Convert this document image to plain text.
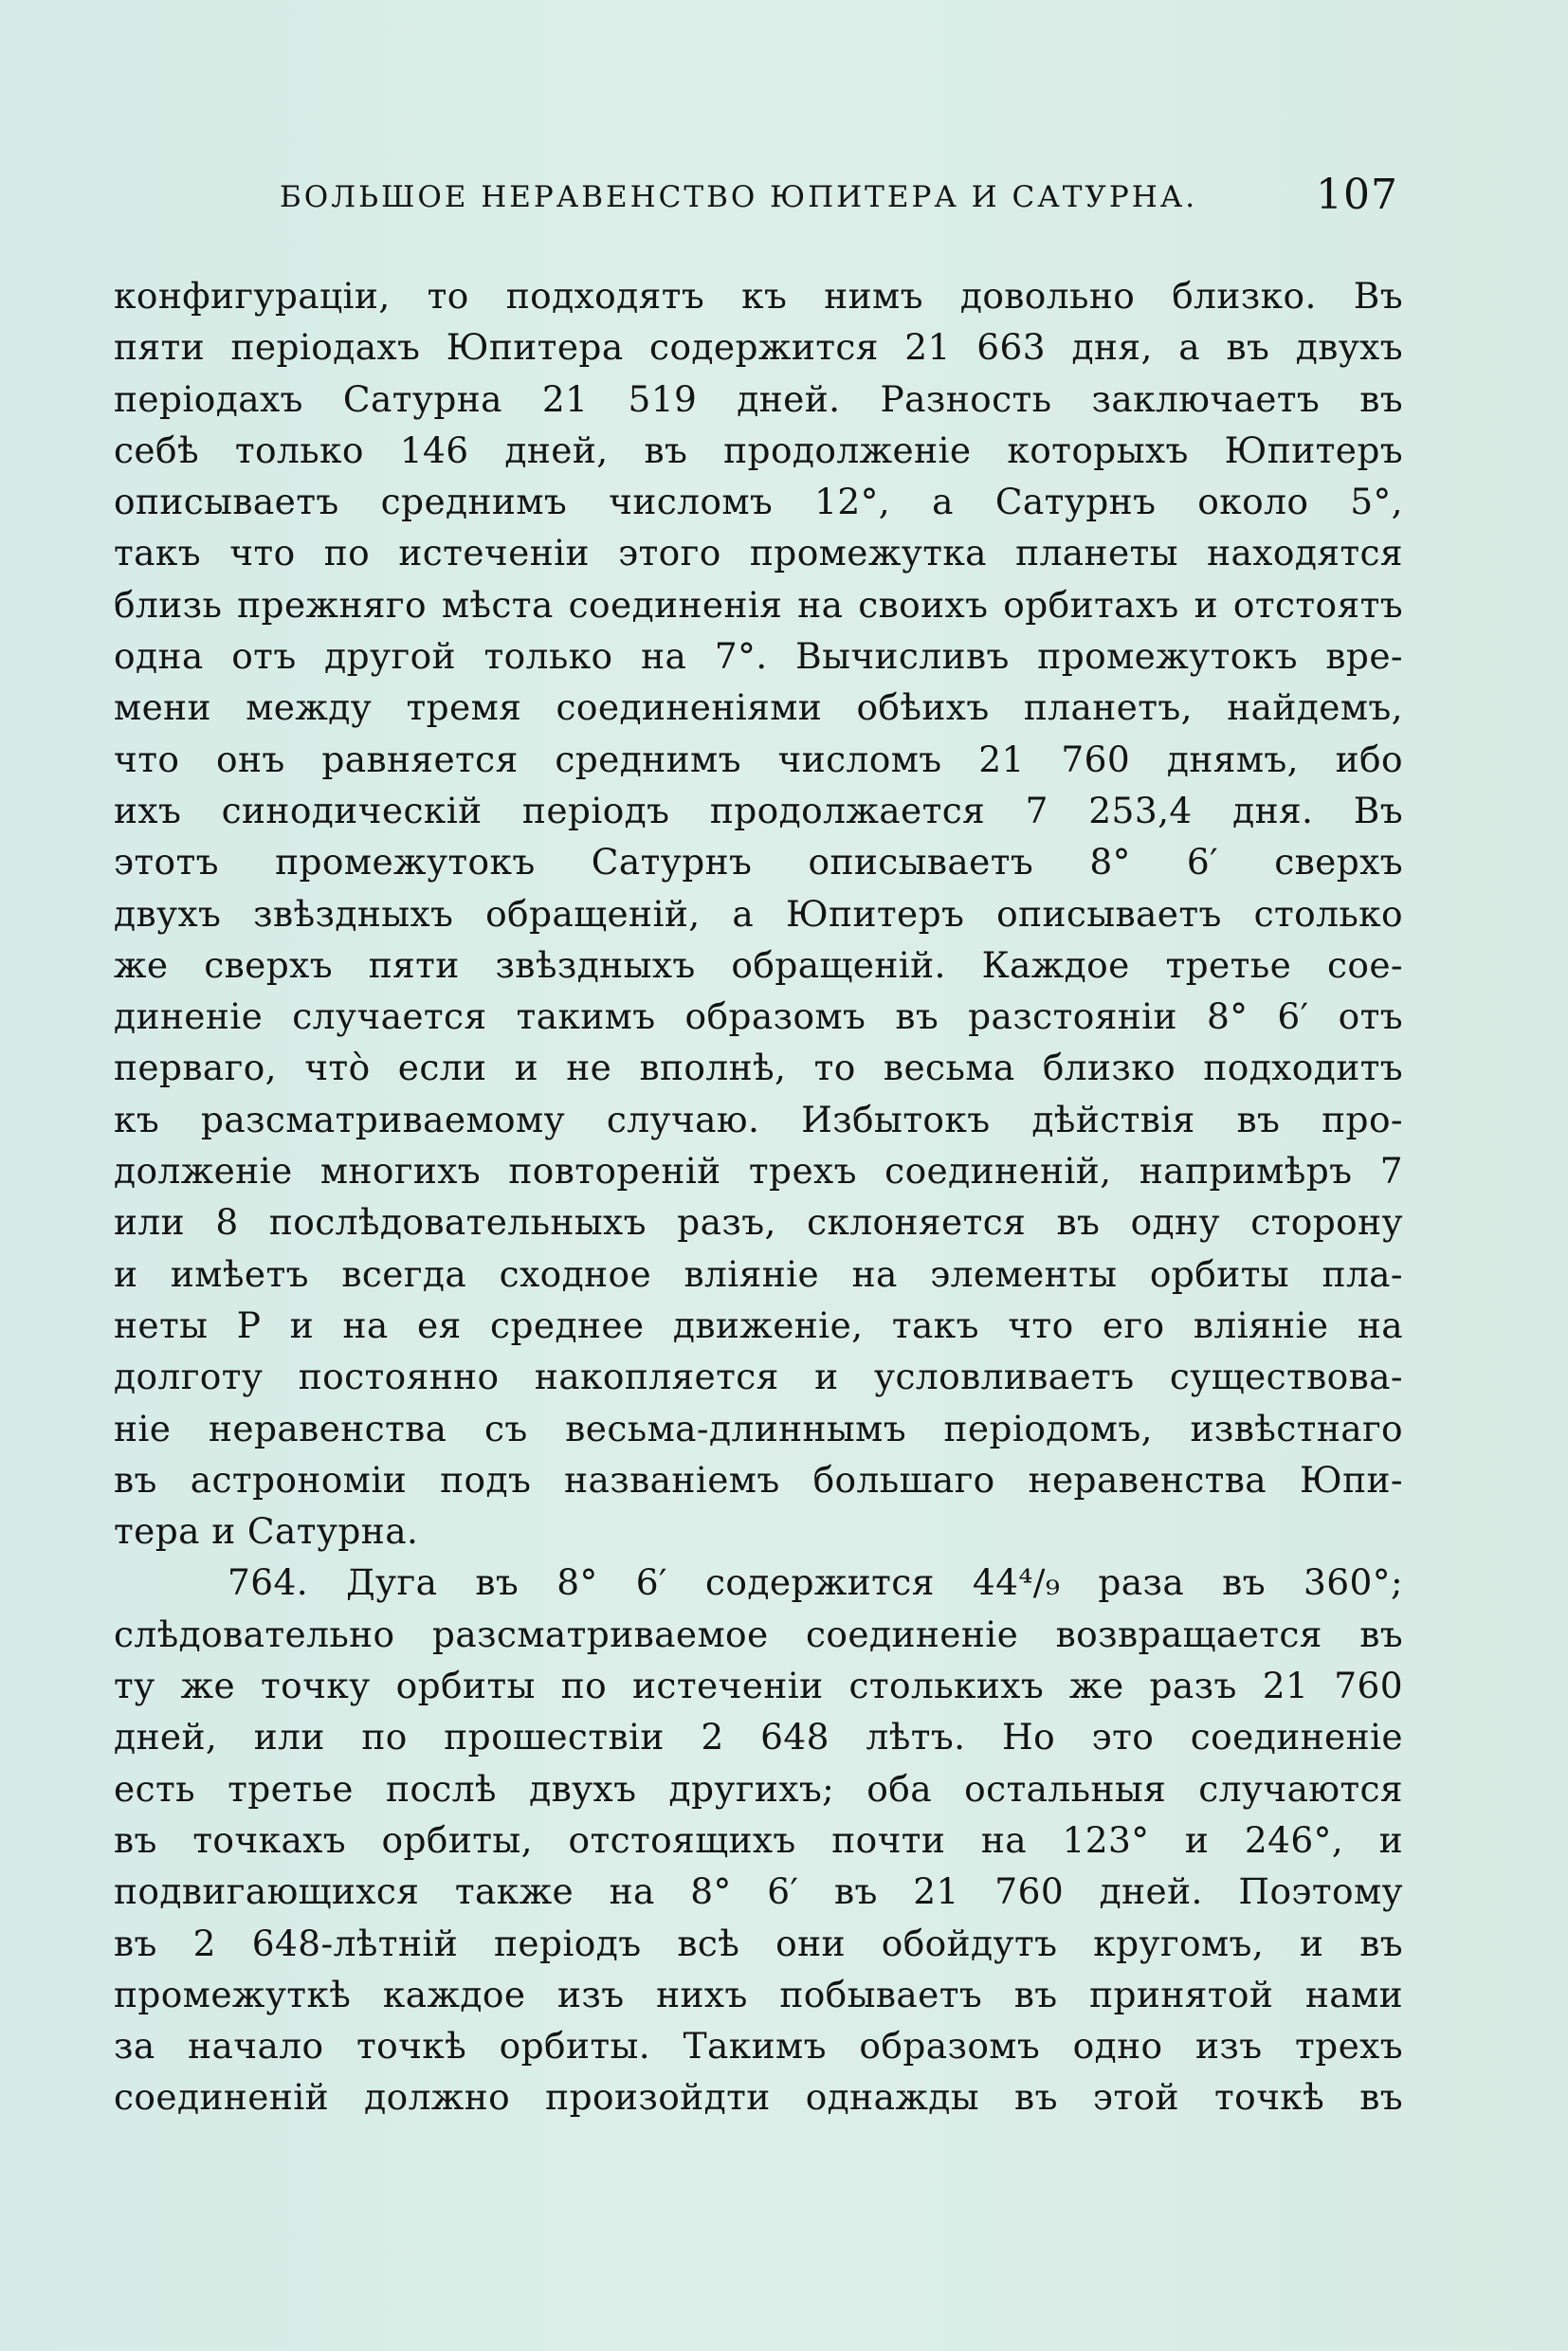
БОЛЬШОЕ НЕРАВЕНСТВО ЮПИТЕРА И САТУРНА.	107
конфигурацiи, то подходятъ къ нимъ довольно близко. Въ
пяти перiодахъ Юпитера содержится 21 663 дня, а въ двухъ
перiодахъ Сатурна 21 519 дней. Разность заключаетъ въ
себѣ только 146 дней, въ продолженiе которыхъ Юпитеръ
описываетъ среднимъ числомъ 12°, а Сатурнъ около 5°,
такъ что по истеченiи этого промежутка планеты находятся
близь прежняго мѣста соединенiя на своихъ орбитахъ и отстоятъ
одна отъ другой только на 7°. Вычисливъ промежутокъ вре-
мени между тремя соединенiями обѣихъ планетъ, найдемъ,
что онъ равняется среднимъ числомъ 21 760 днямъ, ибо
ихъ синодическiй перiодъ продолжается 7 253,4 дня. Въ
этотъ промежутокъ Сатурнъ описываетъ 8° 6′ сверхъ
двухъ звѣздныхъ обращенiй, а Юпитеръ описываетъ столько
же сверхъ пяти звѣздныхъ обращенiй. Каждое третье сое-
диненiе случается такимъ образомъ въ разстоянiи 8° 6′ отъ
перваго, что̀ если и не вполнѣ, то весьма близко подходитъ
къ разсматриваемому случаю. Избытокъ дѣйствiя въ про-
долженiе многихъ повторенiй трехъ соединенiй, напримѣръ 7
или 8 послѣдовательныхъ разъ, склоняется въ одну сторону
и имѣетъ всегда сходное влiянiе на элементы орбиты пла-
неты P и на ея среднее движенiе, такъ что его влiянiе на
долготу постоянно накопляется и условливаетъ существова-
нiе неравенства съ весьма-длиннымъ перiодомъ, извѣстнаго
въ астрономiи подъ названiемъ большаго неравенства Юпи-
тера и Сатурна.
764. Дуга въ 8° 6′ содержится 44⁴/₉ раза въ 360°;
слѣдовательно разсматриваемое соединенiе возвращается въ
ту же точку орбиты по истеченiи столькихъ же разъ 21 760
дней, или по прошествiи 2 648 лѣтъ. Но это соединенiе
есть третье послѣ двухъ другихъ; оба остальныя случаются
въ точкахъ орбиты, отстоящихъ почти на 123° и 246°, и
подвигающихся также на 8° 6′ въ 21 760 дней. Поэтому
въ 2 648-лѣтнiй перiодъ всѣ они обойдутъ кругомъ, и въ
промежуткѣ каждое изъ нихъ побываетъ въ принятой нами
за начало точкѣ орбиты. Такимъ образомъ одно изъ трехъ
соединенiй должно произойдти однажды въ этой точкѣ въ
